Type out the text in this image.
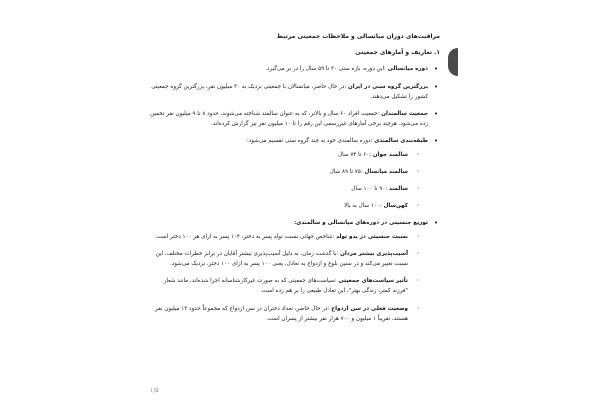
مراقبت‌های دوران میانسالی و ملاحظات جمعیتی مرتبط
۱. تعاریف و آمارهای جمعیتی
• دوره میانسالی :این دوره، بازه سنی ۳۰ تا ۵۹ سال را در بر می‌گیرد.
• بزرگترین گروه سنی در ایران :در حال حاضر، میانسالان با جمعیتی نزدیک به ۳۰ میلیون نفر، بزرگترین گروه جمعیتی کشور را تشکیل می‌دهند.
• جمعیت سالمندان :جمعیت افراد ۶۰ سال و بالاتر، که به عنوان سالمند شناخته می‌شوند، حدود ۸ تا ۹ میلیون نفر تخمین زده می‌شود. هرچند برخی آمارهای غیررسمی این رقم را تا ۱۰ میلیون نفر نیز گزارش کرده‌اند.
• طبقه‌بندی سالمندی :دوره سالمندی خود به چند گروه سنی تقسیم می‌شود:
◦ سالمند جوان :۶۰ تا ۷۴ سال
◦ سالمند میانسال :۷۵ تا ۸۹ سال
◦ سالمند :۹۰ تا ۱۰۰ سال
◦ کهن‌سال :۱۰۰ سال به بالا
• توزیع جنسیتی در دوره‌های میانسالی و سالمندی:
◦ نسبت جنسیتی در بدو تولد :شاخص جهانی نسبت تولد پسر به دختر، ۱۰۴ پسر به ازای هر ۱۰۰ دختر است.
◦ آسیب‌پذیری بیشتر مردان :با گذشت زمان، به دلیل آسیب‌پذیری بیشتر آقایان در برابر خطرات مختلف، این نسبت تغییر می‌کند و در سنین بلوغ و ازدواج به تعادل، یعنی ۱۰۰ پسر به ازای ۱۰۰ دختر، نزدیک می‌شود.
◦ تأثیر سیاست‌های جمعیتی :سیاست‌های جمعیتی که به صورت غیرکارشناسانه اجرا شده‌اند، مانند شعار "فرزند کمتر، زندگی بهتر"، این تعادل طبیعی را بر هم زده است.
◦ وضعیت فعلی در سن ازدواج :در حال حاضر، تعداد دختران در سن ازدواج که مجموعاً حدود ۱۳ میلیون نفر هستند، تقریباً ۱ میلیون و ۷۰۰ هزار نفر بیشتر از پسران است.
۱/۵
